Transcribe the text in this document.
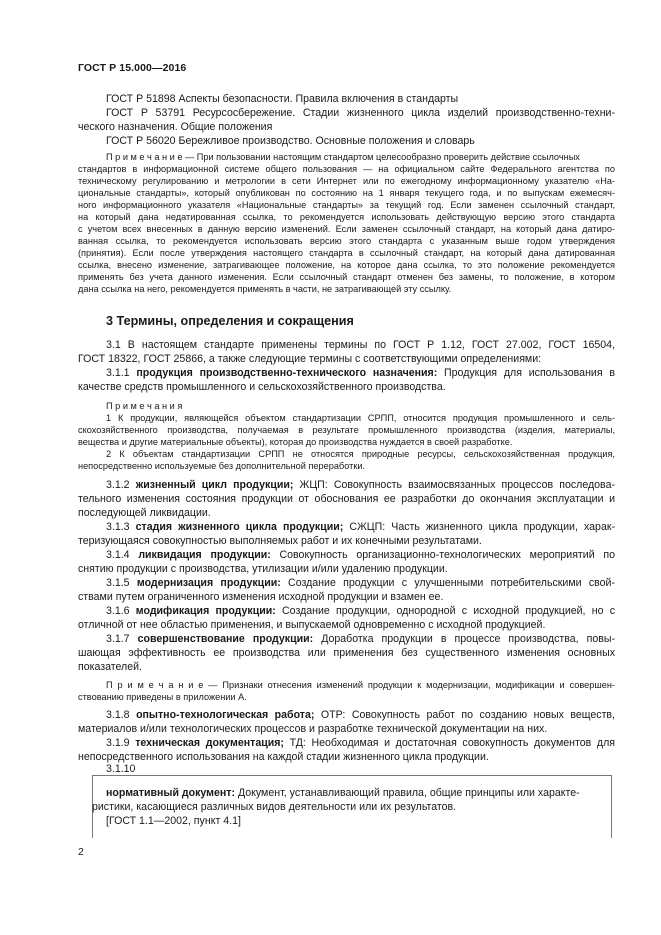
ГОСТ Р 15.000—2016
ГОСТ Р 51898 Аспекты безопасности. Правила включения в стандарты
ГОСТ Р 53791 Ресурсосбережение. Стадии жизненного цикла изделий производственно-техни-
ческого назначения. Общие положения
ГОСТ Р 56020 Бережливое производство. Основные положения и словарь
П р и м е ч а н и е — При пользовании настоящим стандартом целесообразно проверить действие ссылочных
стандартов в информационной системе общего пользования — на официальном сайте Федерального агентства по
техническому регулированию и метрологии в сети Интернет или по ежегодному информационному указателю «На-
циональные стандарты», который опубликован по состоянию на 1 января текущего года, и по выпускам ежемесяч-
ного информационного указателя «Национальные стандарты» за текущий год. Если заменен ссылочный стандарт,
на который дана недатированная ссылка, то рекомендуется использовать действующую версию этого стандарта
с учетом всех внесенных в данную версию изменений. Если заменен ссылочный стандарт, на который дана датиро-
ванная ссылка, то рекомендуется использовать версию этого стандарта с указанным выше годом утверждения
(принятия). Если после утверждения настоящего стандарта в ссылочный стандарт, на который дана датированная
ссылка, внесено изменение, затрагивающее положение, на которое дана ссылка, то это положение рекомендуется
применять без учета данного изменения. Если ссылочный стандарт отменен без замены, то положение, в котором
дана ссылка на него, рекомендуется применять в части, не затрагивающей эту ссылку.
3 Термины, определения и сокращения
3.1 В настоящем стандарте применены термины по ГОСТ Р 1.12, ГОСТ 27.002, ГОСТ 16504,
ГОСТ 18322, ГОСТ 25866, а также следующие термины с соответствующими определениями:
3.1.1 продукция производственно-технического назначения: Продукция для использования в
качестве средств промышленного и сельскохозяйственного производства.
П р и м е ч а н и я
1 К продукции, являющейся объектом стандартизации СРПП, относится продукция промышленного и сель-
скохозяйственного производства, получаемая в результате промышленного производства (изделия, материалы,
вещества и другие материальные объекты), которая до производства нуждается в своей разработке.
2 К объектам стандартизации СРПП не относятся природные ресурсы, сельскохозяйственная продукция,
непосредственно используемые без дополнительной переработки.
3.1.2 жизненный цикл продукции; ЖЦП: Совокупность взаимосвязанных процессов последова-
тельного изменения состояния продукции от обоснования ее разработки до окончания эксплуатации и
последующей ликвидации.
3.1.3 стадия жизненного цикла продукции; СЖЦП: Часть жизненного цикла продукции, харак-
теризующаяся совокупностью выполняемых работ и их конечными результатами.
3.1.4 ликвидация продукции: Совокупность организационно-технологических мероприятий по
снятию продукции с производства, утилизации и/или удалению продукции.
3.1.5 модернизация продукции: Создание продукции с улучшенными потребительскими свой-
ствами путем ограниченного изменения исходной продукции и взамен ее.
3.1.6 модификация продукции: Создание продукции, однородной с исходной продукцией, но с
отличной от нее областью применения, и выпускаемой одновременно с исходной продукцией.
3.1.7 совершенствование продукции: Доработка продукции в процессе производства, повы-
шающая эффективность ее производства или применения без существенного изменения основных
показателей.
П р и м е ч а н и е — Признаки отнесения изменений продукции к модернизации, модификации и совершен-
ствованию приведены в приложении А.
3.1.8 опытно-технологическая работа; ОТР: Совокупность работ по созданию новых веществ,
материалов и/или технологических процессов и разработке технической документации на них.
3.1.9 техническая документация; ТД: Необходимая и достаточная совокупность документов для
непосредственного использования на каждой стадии жизненного цикла продукции.
3.1.10
нормативный документ: Документ, устанавливающий правила, общие принципы или характе-
ристики, касающиеся различных видов деятельности или их результатов.
[ГОСТ 1.1—2002, пункт 4.1]
2
